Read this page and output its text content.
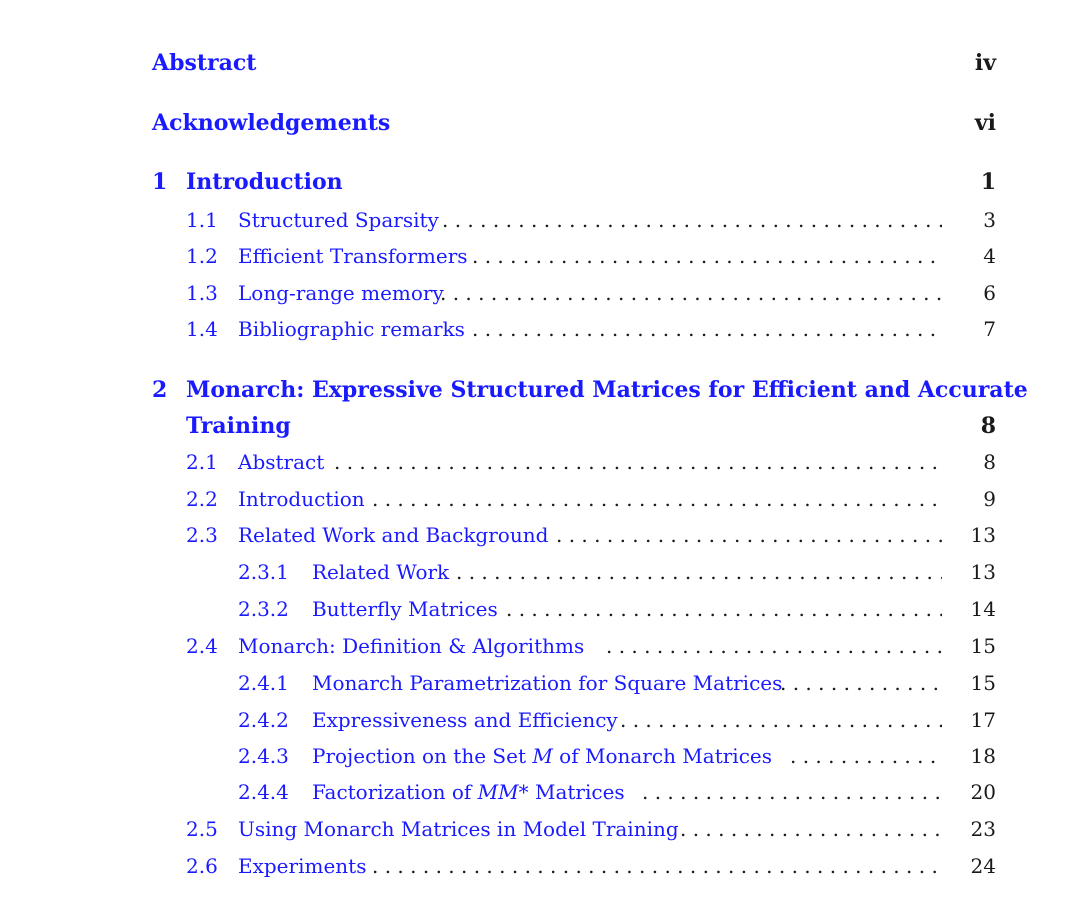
Abstract	iv
Acknowledgements	vi
1 Introduction	1
1.1 Structured Sparsity . . .	3
1.2 Efficient Transformers . . .	4
1.3 Long-range memory . . .	6
1.4 Bibliographic remarks . . .	7
2 Monarch: Expressive Structured Matrices for Efficient and Accurate
Training	8
2.1 Abstract . . .	8
2.2 Introduction . . .	9
2.3 Related Work and Background . . .	13
2.3.1 Related Work . . .	13
2.3.2 Butterfly Matrices . . .	14
2.4 Monarch: Definition & Algorithms . . .	15
2.4.1 Monarch Parametrization for Square Matrices . . .	15
2.4.2 Expressiveness and Efficiency . . .	17
2.4.3 Projection on the Set M of Monarch Matrices . . .	18
2.4.4 Factorization of MM* Matrices . . .	20
2.5 Using Monarch Matrices in Model Training . . .	23
2.6 Experiments . . .	24
